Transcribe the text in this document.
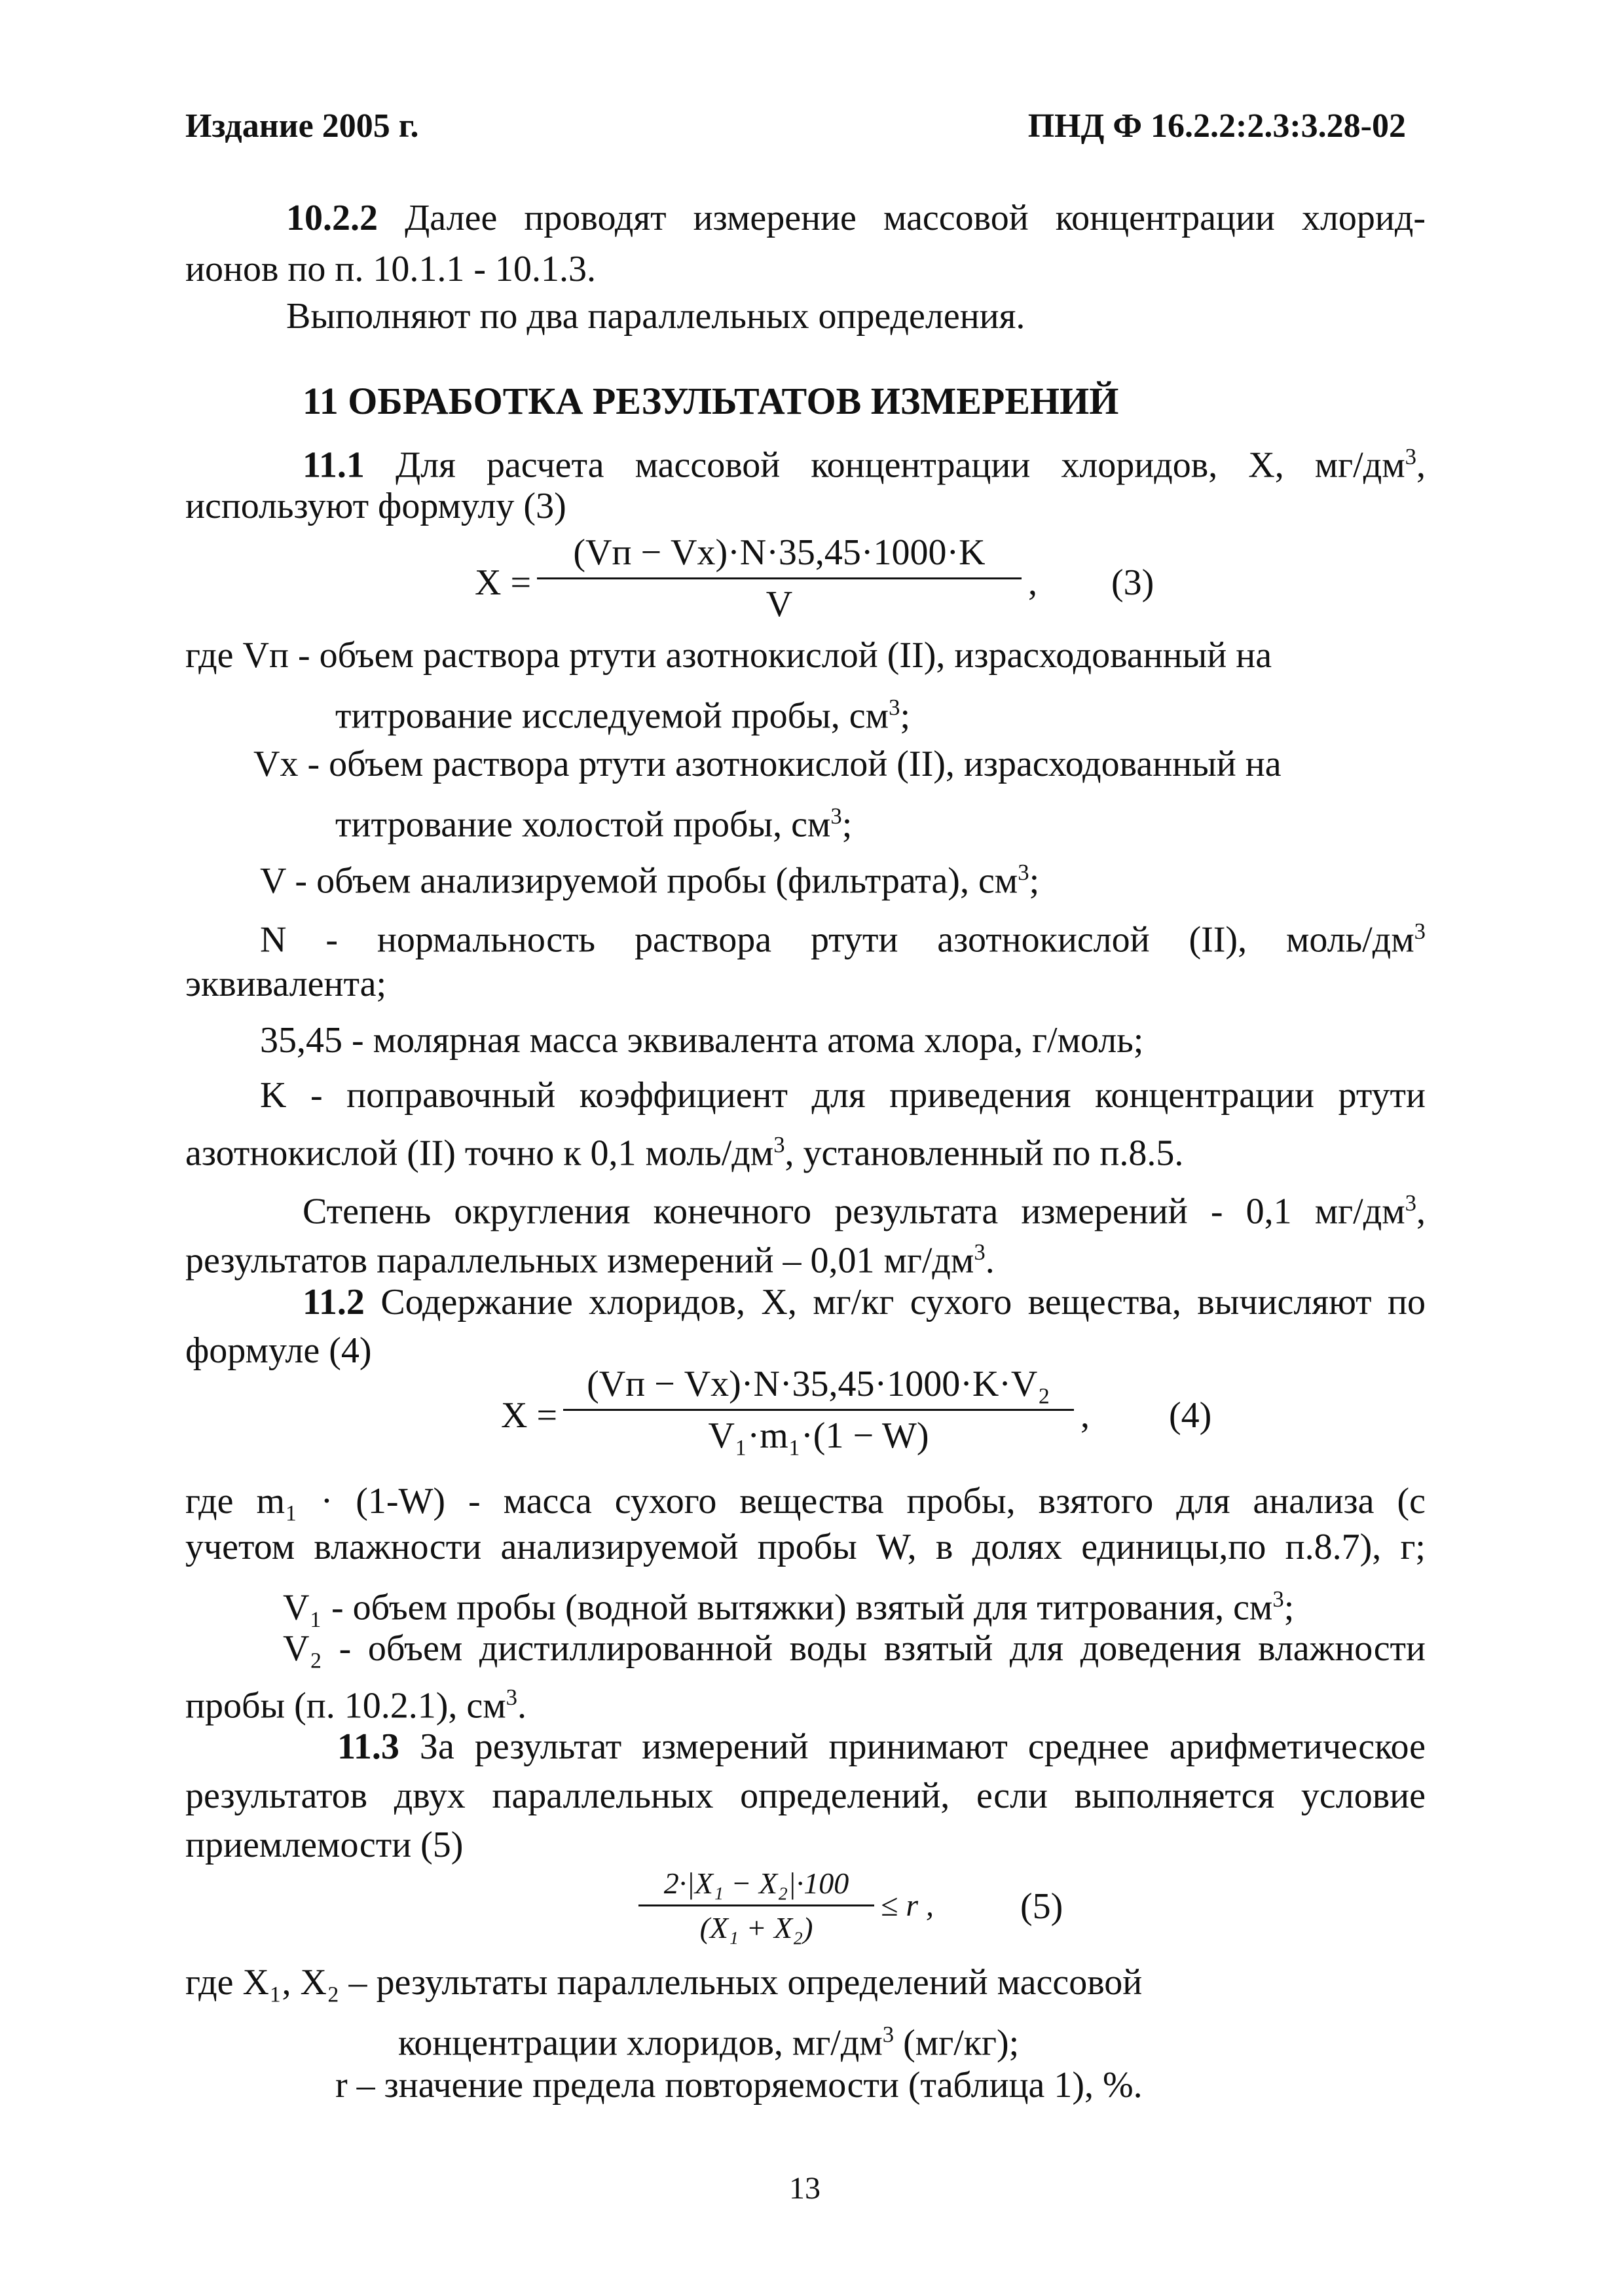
Издание 2005 г.	ПНД Ф 16.2.2:2.3:3.28-02
10.2.2 Далее проводят измерение массовой концентрации хлорид-
ионов по п. 10.1.1 - 10.1.3.
Выполняют по два параллельных определения.
11 ОБРАБОТКА РЕЗУЛЬТАТОВ ИЗМЕРЕНИЙ
11.1 Для расчета массовой концентрации хлоридов, X, $мг/дм^3$,
используют формулу (3)
X =
(Vп − Vх)·N·35,45·1000·K
V
, (3)
где Vп - объем раствора ртути азотнокислой (II), израсходованный на
титрование исследуемой пробы, $см^3$;
Vх - объем раствора ртути азотнокислой (II), израсходованный на
титрование холостой пробы, $см^3$;
V - объем анализируемой пробы (фильтрата), $см^3$;
N - нормальность раствора ртути азотнокислой (II), моль/$дм^3$
эквивалента;
35,45 - молярная масса эквивалента атома хлора, г/моль;
K - поправочный коэффициент для приведения концентрации ртути
азотнокислой (II) точно к 0,1 моль/$дм^3$, установленный по п.8.5.
Степень округления конечного результата измерений - 0,1 $мг/дм^3$,
результатов параллельных измерений – 0,01 $мг/дм^3$.
11.2 Содержание хлоридов, X, мг/кг сухого вещества, вычисляют по
формуле (4)
X =
(Vп − Vх)·N·35,45·1000·K·V₂
V₁·m₁·(1 − W)	, (4)
где m₁ · (1-W) - масса сухого вещества пробы, взятого для анализа (с
учетом влажности анализируемой пробы W, в долях единицы,по п.8.7), г;
V₁ - объем пробы (водной вытяжки) взятый для титрования, $см^3$;
V₂ - объем дистиллированной воды взятый для доведения влажности
пробы (п. 10.2.1), $см^3$.
11.3 За результат измерений принимают среднее арифметическое
результатов двух параллельных определений, если выполняется условие
приемлемости (5)
2·|X₁ − X₂|·100
(X₁ + X₂)
≤ r , (5)
где X₁, X₂ – результаты параллельных определений массовой
концентрации хлоридов, $мг/дм^3$ (мг/кг);
r – значение предела повторяемости (таблица 1), %.
13
